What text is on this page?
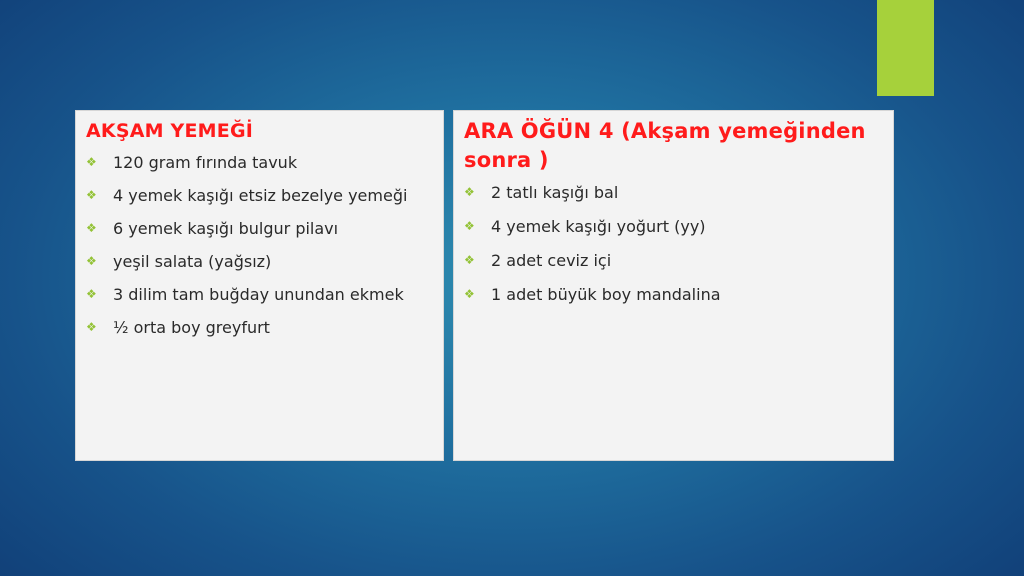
AKŞAM YEMEĞİ
❖	120 gram fırında tavuk
❖	4 yemek kaşığı etsiz bezelye yemeği
❖	6 yemek kaşığı bulgur pilavı
❖	yeşil salata (yağsız)
❖	3 dilim tam buğday unundan ekmek
❖	½ orta boy greyfurt
ARA ÖĞÜN 4 (Akşam yemeğinden sonra )
❖	2 tatlı kaşığı bal
❖	4 yemek kaşığı yoğurt (yy)
❖	2 adet ceviz içi
❖	1 adet büyük boy mandalina
